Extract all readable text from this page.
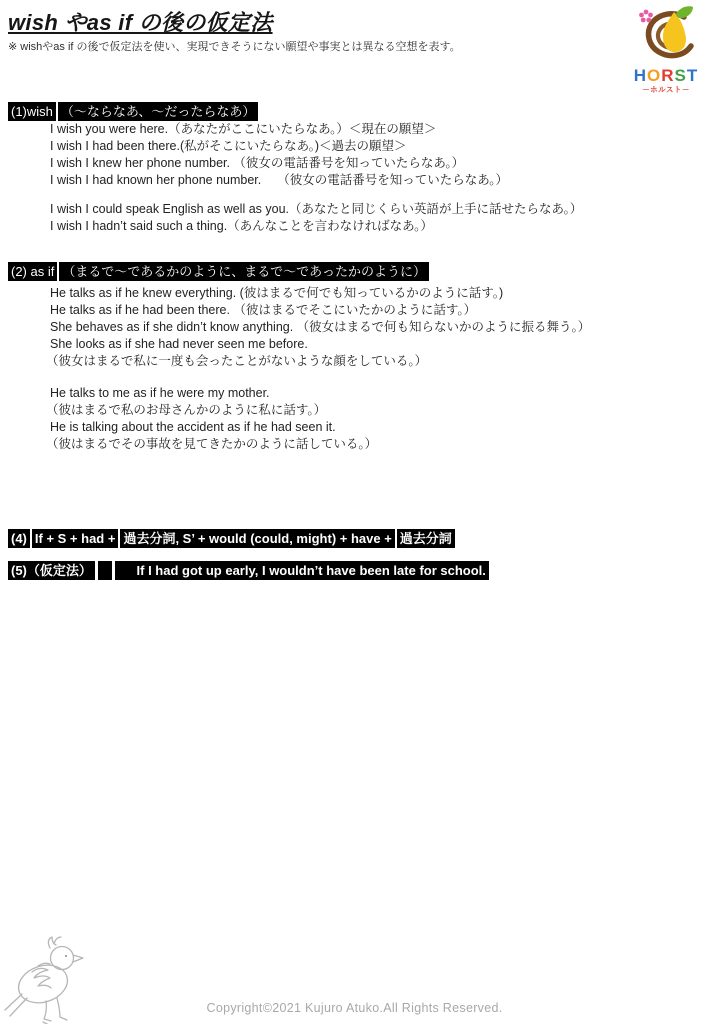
wish やas if の後の仮定法
※ wishやas if の後で仮定法を使い、実現できそうにない願望や事実とは異なる空想を表す。
HORST
－ホルスト－
(1)wish （～ならなあ、～だったらなあ）
I wish you were here.（あなたがここにいたらなあ。）＜現在の願望＞
I wish I had been there.(私がそこにいたらなあ。)＜過去の願望＞
I wish I knew her phone number. （彼女の電話番号を知っていたらなあ。）
I wish I had known her phone number.　 （彼女の電話番号を知っていたらなあ。）
I wish I could speak English as well as you.（あなたと同じくらい英語が上手に話せたらなあ。）
I wish I hadn’t said such a thing.（あんなことを言わなければなあ。）
(2) as if （まるで～であるかのように、まるで～であったかのように）
He talks as if he knew everything. (彼はまるで何でも知っているかのように話す。)
He talks as if he had been there. （彼はまるでそこにいたかのように話す。）
She behaves as if she didn’t know anything. （彼女はまるで何も知らないかのように振る舞う。）
She looks as if she had never seen me before.
（彼女はまるで私に一度も会ったことがないような顔をしている。）
He talks to me as if he were my mother.
（彼はまるで私のお母さんかのように私に話す。）
He is talking about the accident as if he had seen it.
（彼はまるでその事故を見てきたかのように話している。）
(4) If + S + had + 過去分詞, S’ + would (could, might) + have + 過去分詞
(5)（仮定法）	If I had got up early, I wouldn’t have been late for school.
Copyright©2021 Kujuro Atuko.All Rights Reserved.
